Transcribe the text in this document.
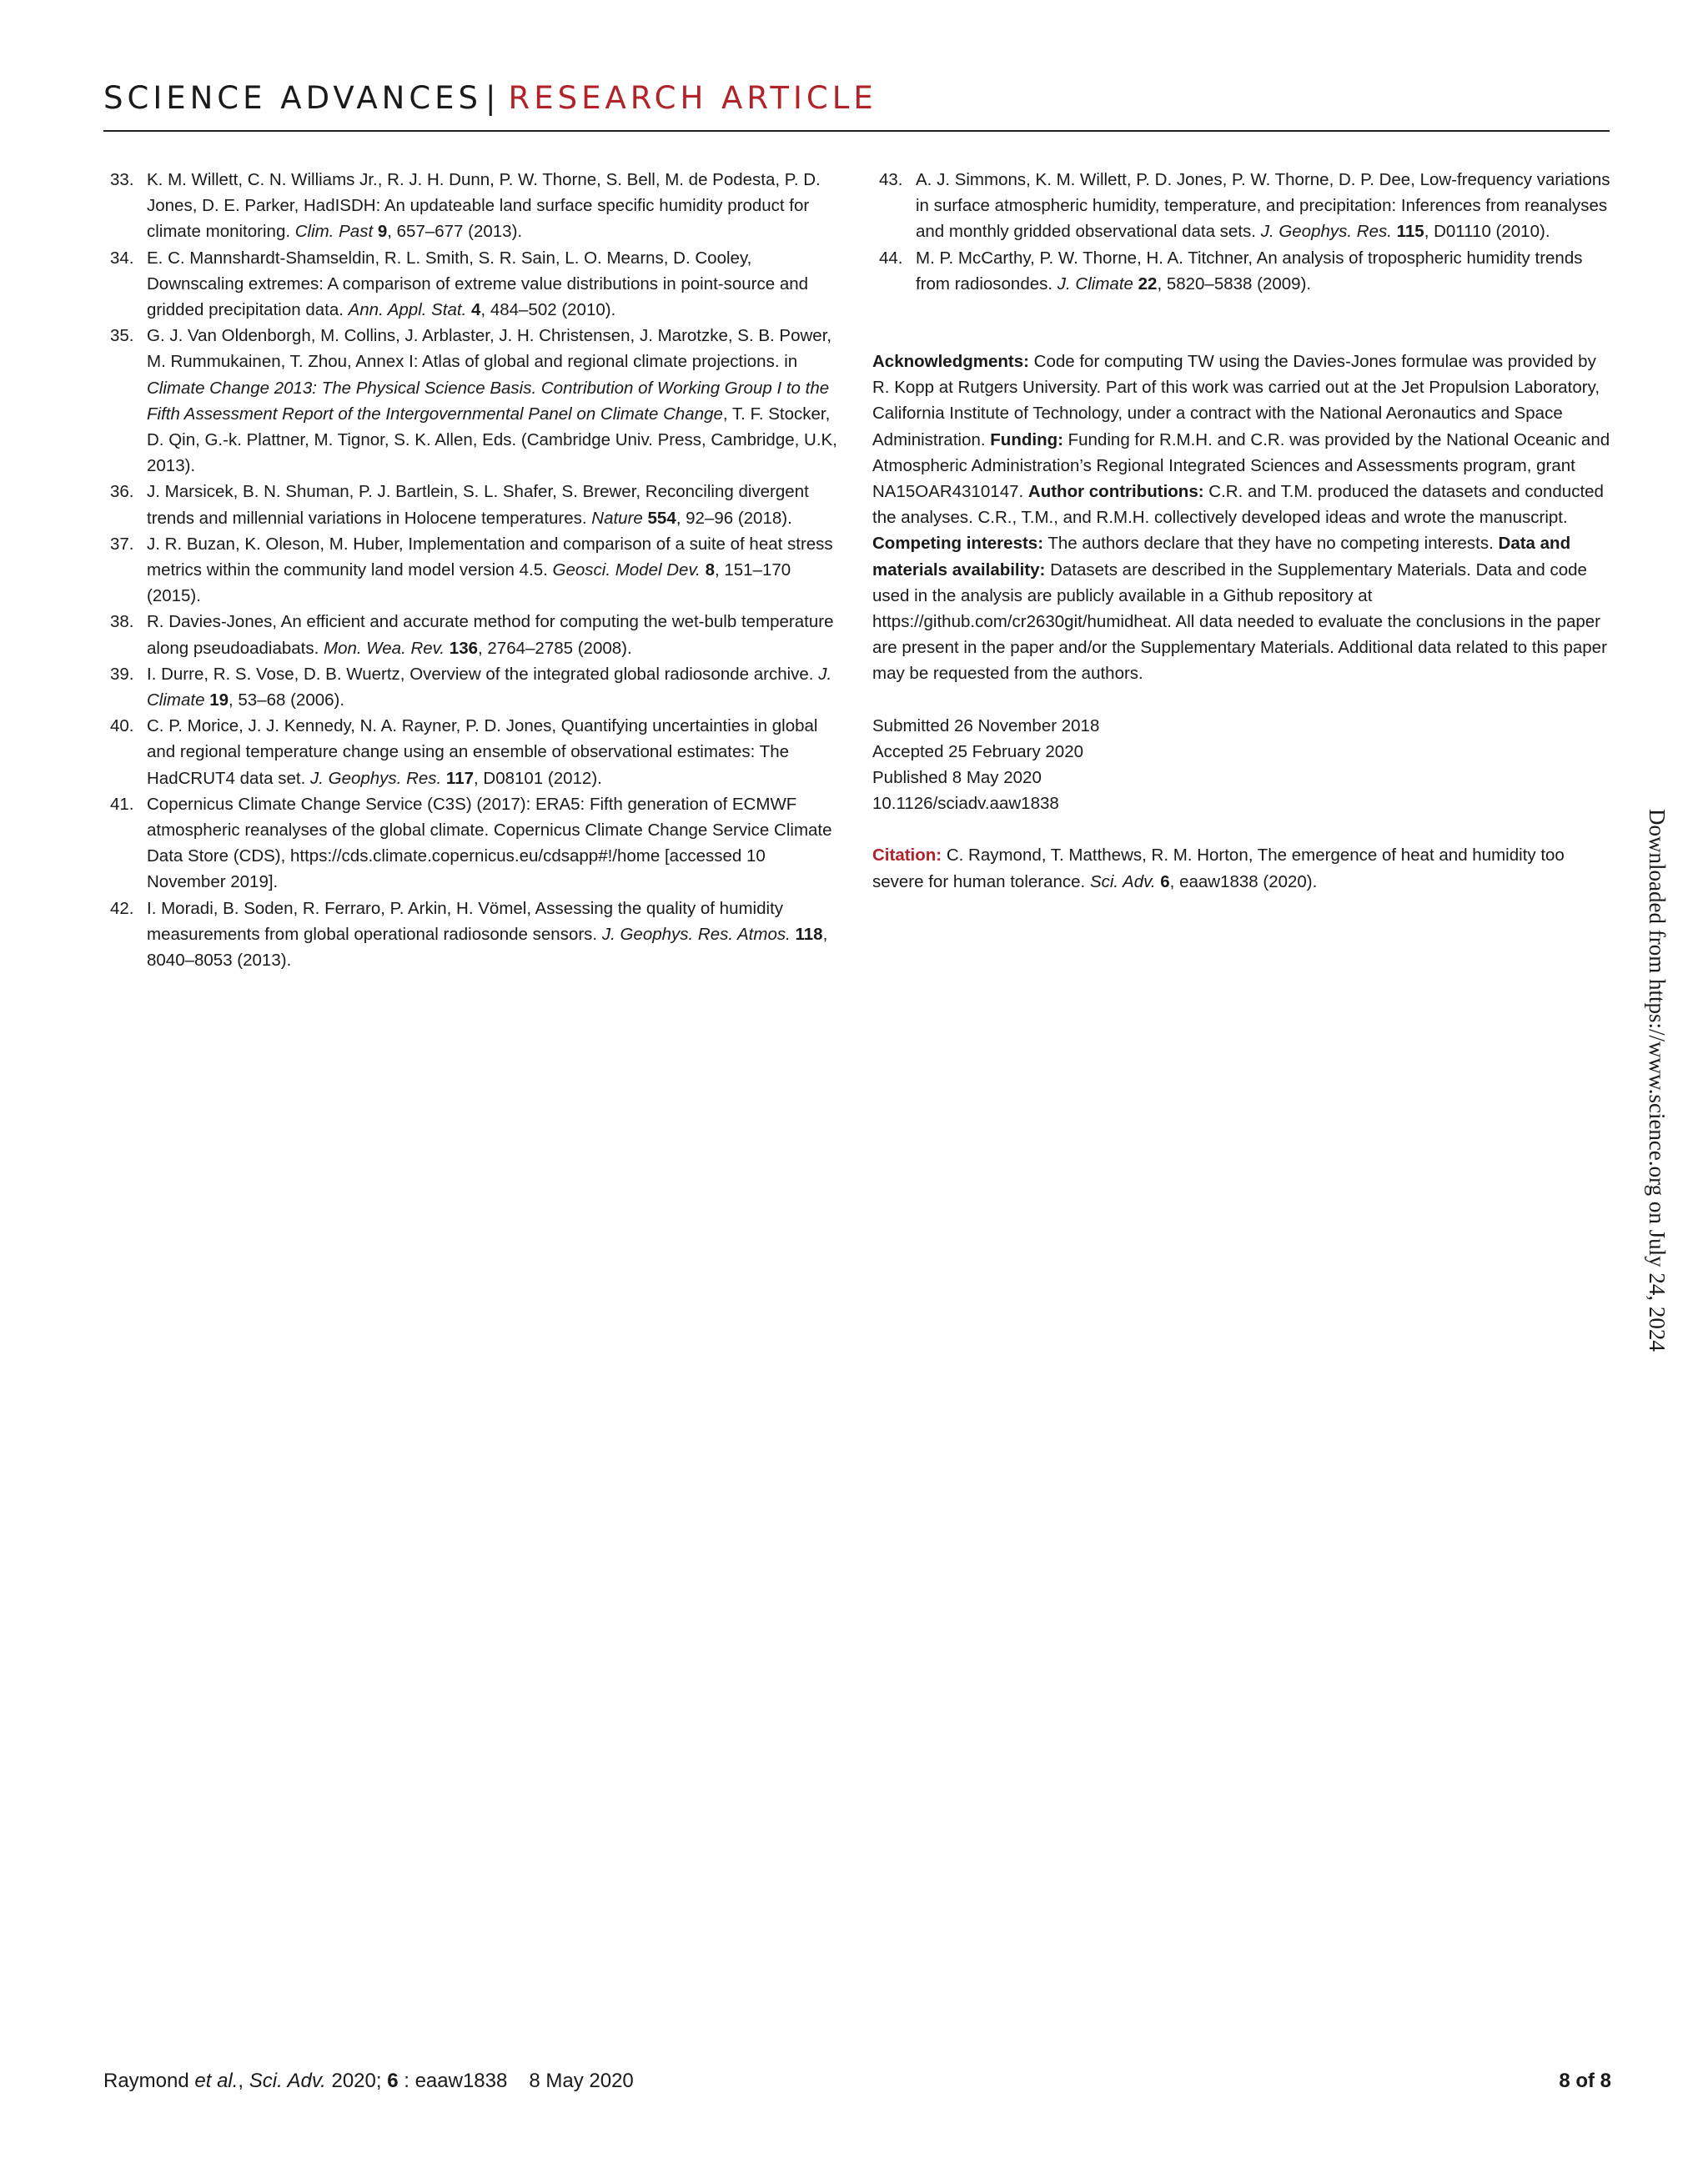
SCIENCE ADVANCES | RESEARCH ARTICLE
33. K. M. Willett, C. N. Williams Jr., R. J. H. Dunn, P. W. Thorne, S. Bell, M. de Podesta, P. D. Jones, D. E. Parker, HadISDH: An updateable land surface specific humidity product for climate monitoring. Clim. Past 9, 657–677 (2013).
34. E. C. Mannshardt-Shamseldin, R. L. Smith, S. R. Sain, L. O. Mearns, D. Cooley, Downscaling extremes: A comparison of extreme value distributions in point-source and gridded precipitation data. Ann. Appl. Stat. 4, 484–502 (2010).
35. G. J. Van Oldenborgh, M. Collins, J. Arblaster, J. H. Christensen, J. Marotzke, S. B. Power, M. Rummukainen, T. Zhou, Annex I: Atlas of global and regional climate projections. in Climate Change 2013: The Physical Science Basis. Contribution of Working Group I to the Fifth Assessment Report of the Intergovernmental Panel on Climate Change, T. F. Stocker, D. Qin, G.-k. Plattner, M. Tignor, S. K. Allen, Eds. (Cambridge Univ. Press, Cambridge, U.K, 2013).
36. J. Marsicek, B. N. Shuman, P. J. Bartlein, S. L. Shafer, S. Brewer, Reconciling divergent trends and millennial variations in Holocene temperatures. Nature 554, 92–96 (2018).
37. J. R. Buzan, K. Oleson, M. Huber, Implementation and comparison of a suite of heat stress metrics within the community land model version 4.5. Geosci. Model Dev. 8, 151–170 (2015).
38. R. Davies-Jones, An efficient and accurate method for computing the wet-bulb temperature along pseudoadiabats. Mon. Wea. Rev. 136, 2764–2785 (2008).
39. I. Durre, R. S. Vose, D. B. Wuertz, Overview of the integrated global radiosonde archive. J. Climate 19, 53–68 (2006).
40. C. P. Morice, J. J. Kennedy, N. A. Rayner, P. D. Jones, Quantifying uncertainties in global and regional temperature change using an ensemble of observational estimates: The HadCRUT4 data set. J. Geophys. Res. 117, D08101 (2012).
41. Copernicus Climate Change Service (C3S) (2017): ERA5: Fifth generation of ECMWF atmospheric reanalyses of the global climate. Copernicus Climate Change Service Climate Data Store (CDS), https://cds.climate.copernicus.eu/cdsapp#!/home [accessed 10 November 2019].
42. I. Moradi, B. Soden, R. Ferraro, P. Arkin, H. Vömel, Assessing the quality of humidity measurements from global operational radiosonde sensors. J. Geophys. Res. Atmos. 118, 8040–8053 (2013).
43. A. J. Simmons, K. M. Willett, P. D. Jones, P. W. Thorne, D. P. Dee, Low-frequency variations in surface atmospheric humidity, temperature, and precipitation: Inferences from reanalyses and monthly gridded observational data sets. J. Geophys. Res. 115, D01110 (2010).
44. M. P. McCarthy, P. W. Thorne, H. A. Titchner, An analysis of tropospheric humidity trends from radiosondes. J. Climate 22, 5820–5838 (2009).
Acknowledgments: Code for computing TW using the Davies-Jones formulae was provided by R. Kopp at Rutgers University. Part of this work was carried out at the Jet Propulsion Laboratory, California Institute of Technology, under a contract with the National Aeronautics and Space Administration. Funding: Funding for R.M.H. and C.R. was provided by the National Oceanic and Atmospheric Administration’s Regional Integrated Sciences and Assessments program, grant NA15OAR4310147. Author contributions: C.R. and T.M. produced the datasets and conducted the analyses. C.R., T.M., and R.M.H. collectively developed ideas and wrote the manuscript. Competing interests: The authors declare that they have no competing interests. Data and materials availability: Datasets are described in the Supplementary Materials. Data and code used in the analysis are publicly available in a Github repository at https://github.com/cr2630git/humidheat. All data needed to evaluate the conclusions in the paper are present in the paper and/or the Supplementary Materials. Additional data related to this paper may be requested from the authors.
Submitted 26 November 2018
Accepted 25 February 2020
Published 8 May 2020
10.1126/sciadv.aaw1838
Citation: C. Raymond, T. Matthews, R. M. Horton, The emergence of heat and humidity too severe for human tolerance. Sci. Adv. 6, eaaw1838 (2020).	Downloaded from https://www.science.org on July 24, 2024
Raymond et al., Sci. Adv. 2020; 6 : eaaw1838 8 May 2020	8 of 8
